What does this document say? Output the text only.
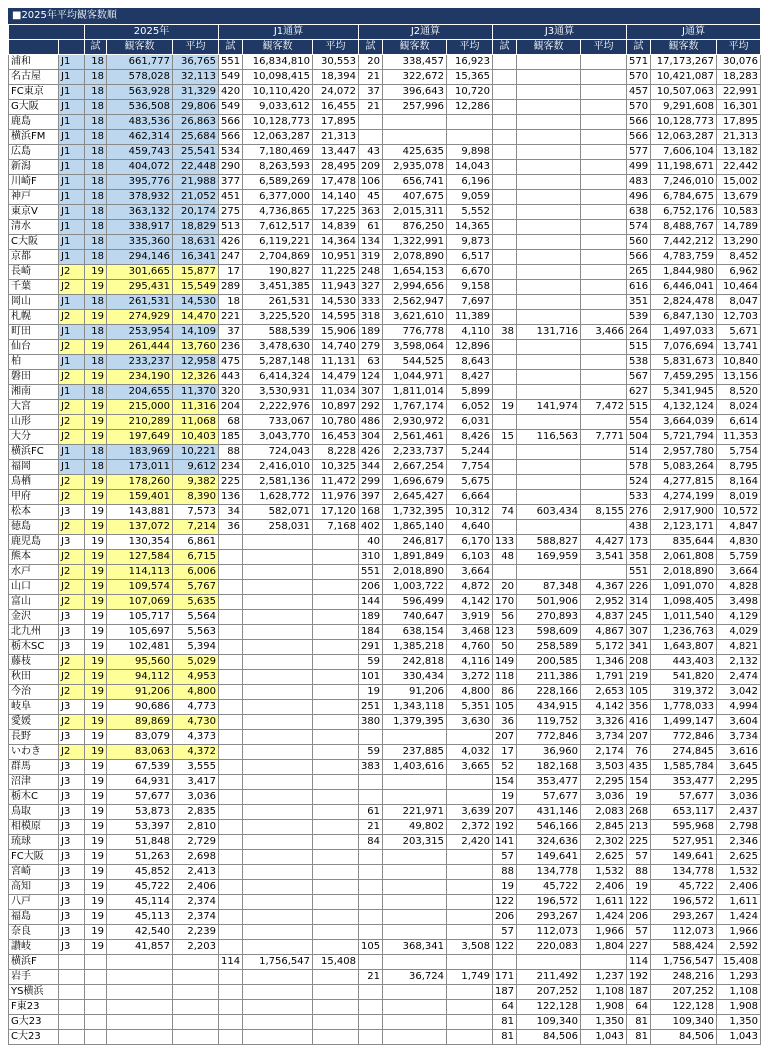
■2025年平均観客数順
		2025年			J1通算			J2通算			J3通算			J通算		
		試	観客数	平均	試	観客数	平均	試	観客数	平均	試	観客数	平均	試	観客数	平均
浦和	J1	18	661,777	36,765	551	16,834,810	30,553	20	338,457	16,923				571	17,173,267	30,076
名古屋	J1	18	578,028	32,113	549	10,098,415	18,394	21	322,672	15,365				570	10,421,087	18,283
FC東京	J1	18	563,928	31,329	420	10,110,420	24,072	37	396,643	10,720				457	10,507,063	22,991
G大阪	J1	18	536,508	29,806	549	9,033,612	16,455	21	257,996	12,286				570	9,291,608	16,301
鹿島	J1	18	483,536	26,863	566	10,128,773	17,895							566	10,128,773	17,895
横浜FM	J1	18	462,314	25,684	566	12,063,287	21,313							566	12,063,287	21,313
広島	J1	18	459,743	25,541	534	7,180,469	13,447	43	425,635	9,898				577	7,606,104	13,182
新潟	J1	18	404,072	22,448	290	8,263,593	28,495	209	2,935,078	14,043				499	11,198,671	22,442
川崎F	J1	18	395,776	21,988	377	6,589,269	17,478	106	656,741	6,196				483	7,246,010	15,002
神戸	J1	18	378,932	21,052	451	6,377,000	14,140	45	407,675	9,059				496	6,784,675	13,679
東京V	J1	18	363,132	20,174	275	4,736,865	17,225	363	2,015,311	5,552				638	6,752,176	10,583
清水	J1	18	338,917	18,829	513	7,612,517	14,839	61	876,250	14,365				574	8,488,767	14,789
C大阪	J1	18	335,360	18,631	426	6,119,221	14,364	134	1,322,991	9,873				560	7,442,212	13,290
京都	J1	18	294,146	16,341	247	2,704,869	10,951	319	2,078,890	6,517				566	4,783,759	8,452
長崎	J2	19	301,665	15,877	17	190,827	11,225	248	1,654,153	6,670				265	1,844,980	6,962
千葉	J2	19	295,431	15,549	289	3,451,385	11,943	327	2,994,656	9,158				616	6,446,041	10,464
岡山	J1	18	261,531	14,530	18	261,531	14,530	333	2,562,947	7,697				351	2,824,478	8,047
札幌	J2	19	274,929	14,470	221	3,225,520	14,595	318	3,621,610	11,389				539	6,847,130	12,703
町田	J1	18	253,954	14,109	37	588,539	15,906	189	776,778	4,110	38	131,716	3,466	264	1,497,033	5,671
仙台	J2	19	261,444	13,760	236	3,478,630	14,740	279	3,598,064	12,896				515	7,076,694	13,741
柏	J1	18	233,237	12,958	475	5,287,148	11,131	63	544,525	8,643				538	5,831,673	10,840
磐田	J2	19	234,190	12,326	443	6,414,324	14,479	124	1,044,971	8,427				567	7,459,295	13,156
湘南	J1	18	204,655	11,370	320	3,530,931	11,034	307	1,811,014	5,899				627	5,341,945	8,520
大宮	J2	19	215,000	11,316	204	2,222,976	10,897	292	1,767,174	6,052	19	141,974	7,472	515	4,132,124	8,024
山形	J2	19	210,289	11,068	68	733,067	10,780	486	2,930,972	6,031				554	3,664,039	6,614
大分	J2	19	197,649	10,403	185	3,043,770	16,453	304	2,561,461	8,426	15	116,563	7,771	504	5,721,794	11,353
横浜FC	J1	18	183,969	10,221	88	724,043	8,228	426	2,233,737	5,244				514	2,957,780	5,754
福岡	J1	18	173,011	9,612	234	2,416,010	10,325	344	2,667,254	7,754				578	5,083,264	8,795
鳥栖	J2	19	178,260	9,382	225	2,581,136	11,472	299	1,696,679	5,675				524	4,277,815	8,164
甲府	J2	19	159,401	8,390	136	1,628,772	11,976	397	2,645,427	6,664				533	4,274,199	8,019
松本	J3	19	143,881	7,573	34	582,071	17,120	168	1,732,395	10,312	74	603,434	8,155	276	2,917,900	10,572
徳島	J2	19	137,072	7,214	36	258,031	7,168	402	1,865,140	4,640				438	2,123,171	4,847
鹿児島	J3	19	130,354	6,861				40	246,817	6,170	133	588,827	4,427	173	835,644	4,830
熊本	J2	19	127,584	6,715				310	1,891,849	6,103	48	169,959	3,541	358	2,061,808	5,759
水戸	J2	19	114,113	6,006				551	2,018,890	3,664				551	2,018,890	3,664
山口	J2	19	109,574	5,767				206	1,003,722	4,872	20	87,348	4,367	226	1,091,070	4,828
富山	J2	19	107,069	5,635				144	596,499	4,142	170	501,906	2,952	314	1,098,405	3,498
金沢	J3	19	105,717	5,564				189	740,647	3,919	56	270,893	4,837	245	1,011,540	4,129
北九州	J3	19	105,697	5,563				184	638,154	3,468	123	598,609	4,867	307	1,236,763	4,029
栃木SC	J3	19	102,481	5,394				291	1,385,218	4,760	50	258,589	5,172	341	1,643,807	4,821
藤枝	J2	19	95,560	5,029				59	242,818	4,116	149	200,585	1,346	208	443,403	2,132
秋田	J2	19	94,112	4,953				101	330,434	3,272	118	211,386	1,791	219	541,820	2,474
今治	J2	19	91,206	4,800				19	91,206	4,800	86	228,166	2,653	105	319,372	3,042
岐阜	J3	19	90,686	4,773				251	1,343,118	5,351	105	434,915	4,142	356	1,778,033	4,994
愛媛	J2	19	89,869	4,730				380	1,379,395	3,630	36	119,752	3,326	416	1,499,147	3,604
長野	J3	19	83,079	4,373							207	772,846	3,734	207	772,846	3,734
いわき	J2	19	83,063	4,372				59	237,885	4,032	17	36,960	2,174	76	274,845	3,616
群馬	J3	19	67,539	3,555				383	1,403,616	3,665	52	182,168	3,503	435	1,585,784	3,645
沼津	J3	19	64,931	3,417							154	353,477	2,295	154	353,477	2,295
栃木C	J3	19	57,677	3,036							19	57,677	3,036	19	57,677	3,036
鳥取	J3	19	53,873	2,835				61	221,971	3,639	207	431,146	2,083	268	653,117	2,437
相模原	J3	19	53,397	2,810				21	49,802	2,372	192	546,166	2,845	213	595,968	2,798
琉球	J3	19	51,848	2,729				84	203,315	2,420	141	324,636	2,302	225	527,951	2,346
FC大阪	J3	19	51,263	2,698							57	149,641	2,625	57	149,641	2,625
宮崎	J3	19	45,852	2,413							88	134,778	1,532	88	134,778	1,532
高知	J3	19	45,722	2,406							19	45,722	2,406	19	45,722	2,406
八戸	J3	19	45,114	2,374							122	196,572	1,611	122	196,572	1,611
福島	J3	19	45,113	2,374							206	293,267	1,424	206	293,267	1,424
奈良	J3	19	42,540	2,239							57	112,073	1,966	57	112,073	1,966
讃岐	J3	19	41,857	2,203				105	368,341	3,508	122	220,083	1,804	227	588,424	2,592
横浜F					114	1,756,547	15,408							114	1,756,547	15,408
岩手								21	36,724	1,749	171	211,492	1,237	192	248,216	1,293
YS横浜											187	207,252	1,108	187	207,252	1,108
F東23											64	122,128	1,908	64	122,128	1,908
G大23											81	109,340	1,350	81	109,340	1,350
C大23											81	84,506	1,043	81	84,506	1,043
